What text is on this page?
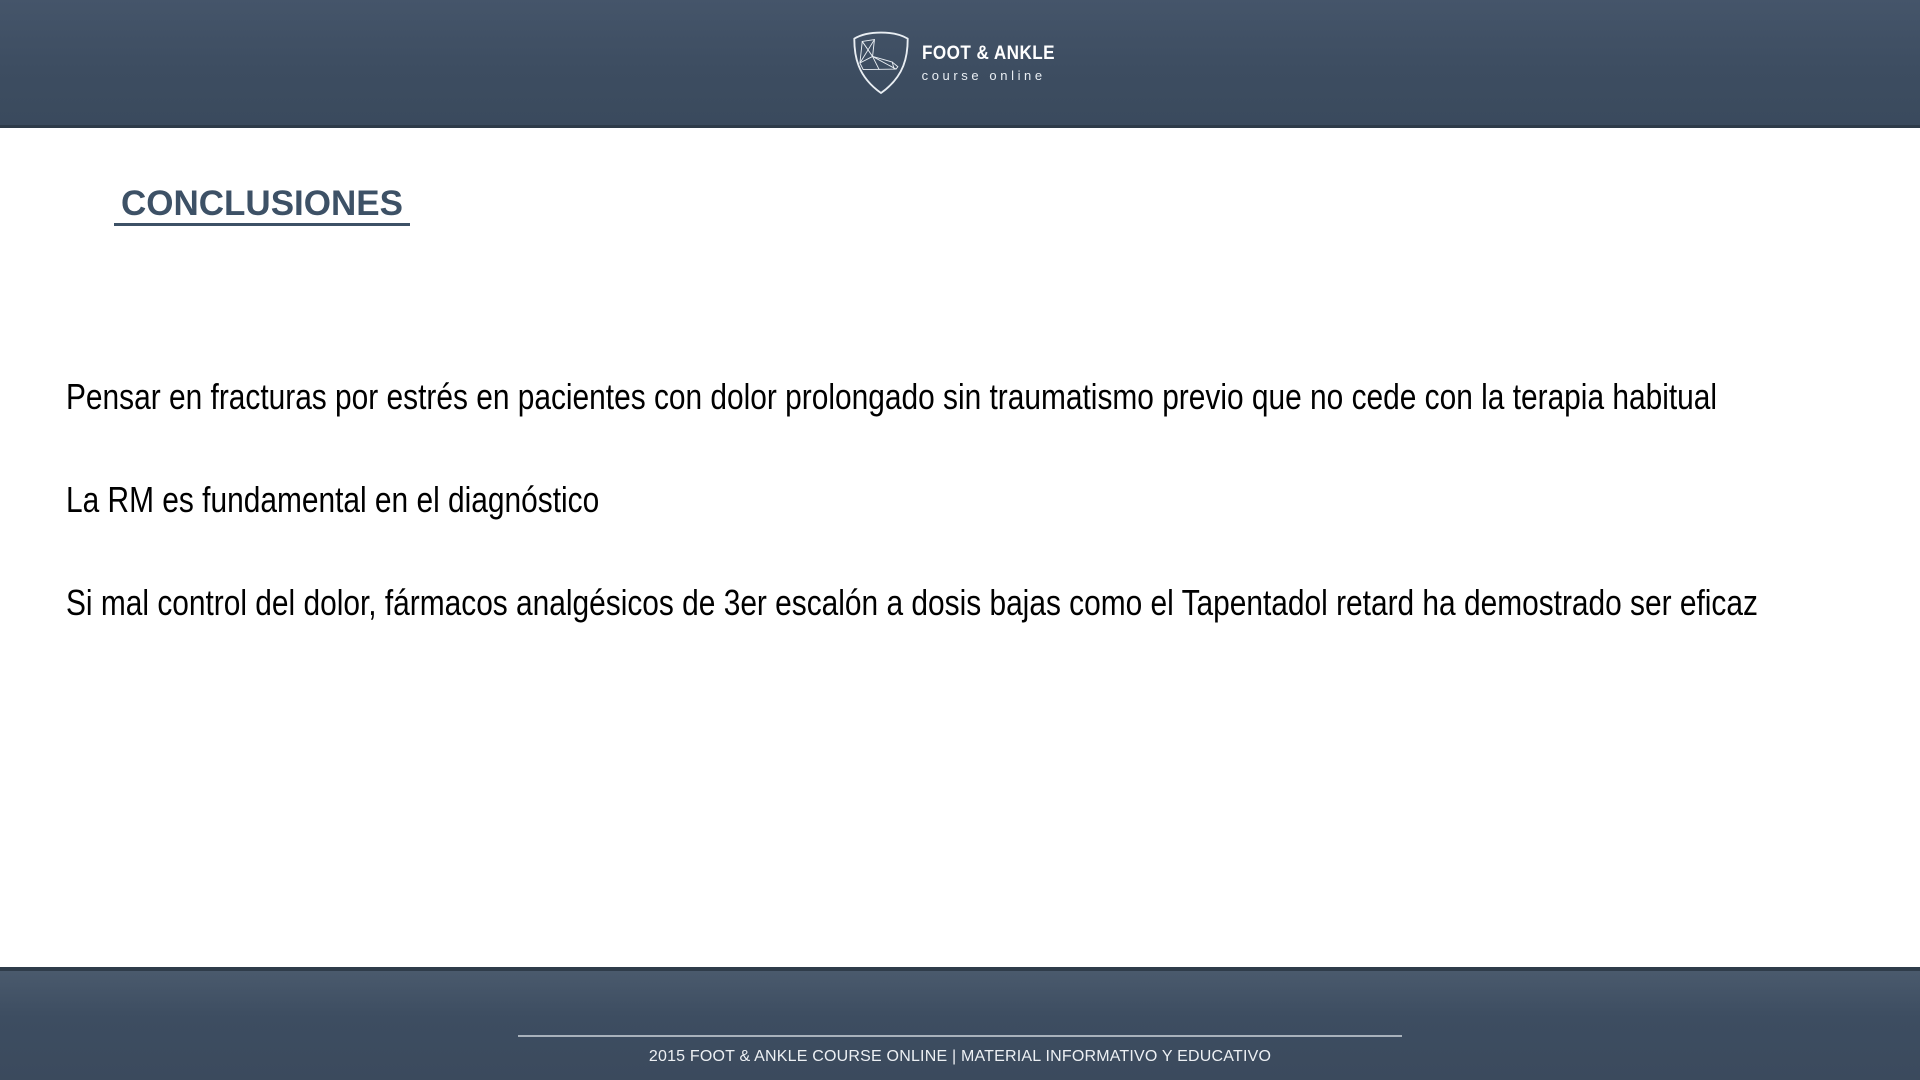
FOOT & ANKLE
course online
CONCLUSIONES

Pensar en fracturas por estrés en pacientes con dolor prolongado sin traumatismo previo que no cede con la terapia habitual

La RM es fundamental en el diagnóstico

Si mal control del dolor, fármacos analgésicos de 3er escalón a dosis bajas como el Tapentadol retard ha demostrado ser eficaz

2015 FOOT & ANKLE COURSE ONLINE | MATERIAL INFORMATIVO Y EDUCATIVO
